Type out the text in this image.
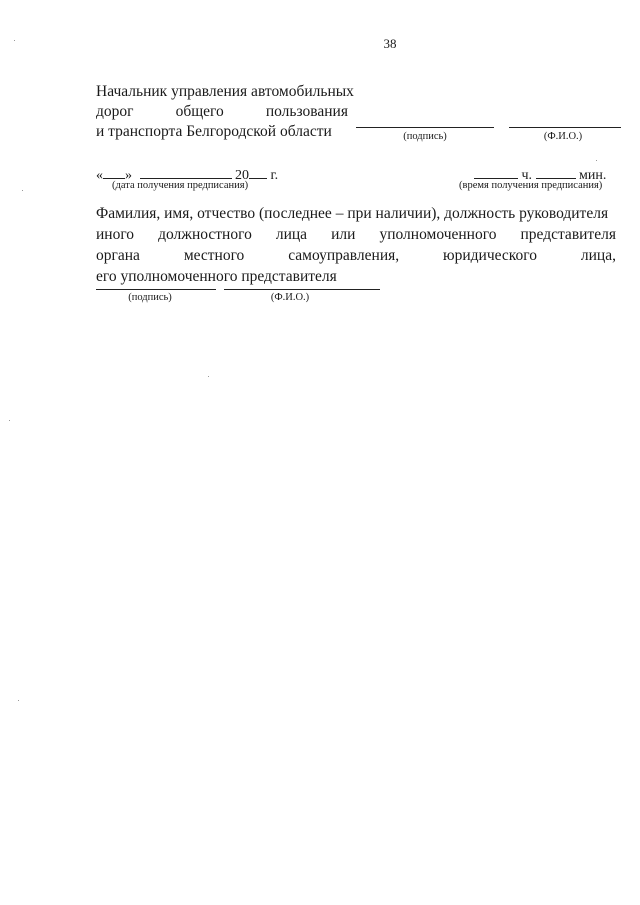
38
Начальник управления автомобильных
дорог	общего	пользования
и транспорта Белгородской области	(подпись)	(Ф.И.О.)
« »	20 г.
(дата получения предписания)
ч.	мин.
(время получения предписания)
Фамилия, имя, отчество (последнее – при наличии), должность руководителя
иного должностного лица или уполномоченного представителя
органа	местного	самоуправления,	юридического	лица,
его уполномоченного представителя
(подпись)	(Ф.И.О.)
